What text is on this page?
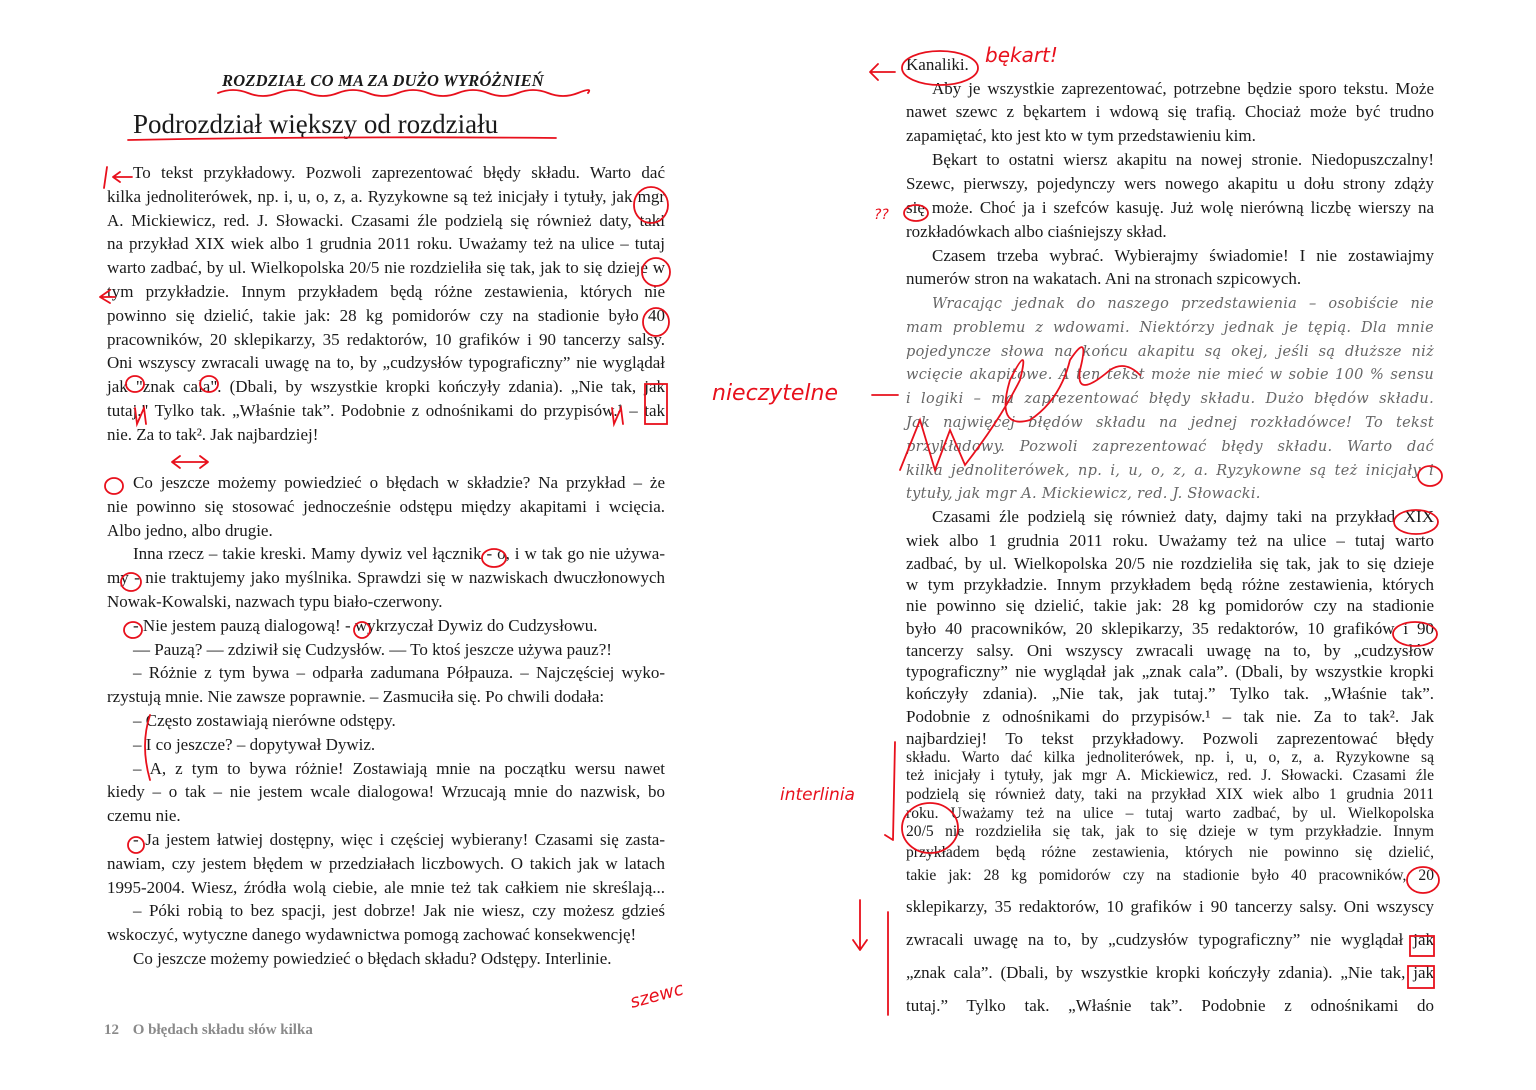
ROZDZIAŁ CO MA ZA DUŻO WYRÓŻNIEŃ
Podrozdział większy od rozdziału
To tekst przykładowy. Pozwoli zaprezentować błędy składu. Warto dać
kilka jednoliterówek, np. i, u, o, z, a. Ryzykowne są też inicjały i tytuły, jak mgr
A. Mickiewicz, red. J. Słowacki. Czasami źle podzielą się również daty, taki
na przykład XIX wiek albo 1 grudnia 2011 roku. Uważamy też na ulice – tutaj
warto zadbać, by ul. Wielkopolska 20/5 nie rozdzieliła się tak, jak to się dzieje w
tym przykładzie. Innym przykładem będą różne zestawienia, których nie
powinno się dzielić, takie jak: 28 kg pomidorów czy na stadionie było 40
pracowników, 20 sklepikarzy, 35 redaktorów, 10 grafików i 90 tancerzy salsy.
Oni wszyscy zwracali uwagę na to, by „cudzysłów typograficzny” nie wyglądał
jak "znak cala". (Dbali, by wszystkie kropki kończyły zdania). „Nie tak, jak
tutaj." Tylko tak. „Właśnie tak”. Podobnie z odnośnikami do przypisów.¹ – tak
nie. Za to tak². Jak najbardziej!
Co jeszcze możemy powiedzieć o błędach w składzie? Na przykład – że
nie powinno się stosować jednocześnie odstępu między akapitami i wcięcia.
Albo jedno, albo drugie.
Inna rzecz – takie kreski. Mamy dywiz vel łącznik - o, i w tak go nie używa-
my - nie traktujemy jako myślnika. Sprawdzi się w nazwiskach dwuczłonowych
Nowak-Kowalski, nazwach typu biało-czerwony.
- Nie jestem pauzą dialogową! - wykrzyczał Dywiz do Cudzysłowu.
— Pauzą? — zdziwił się Cudzysłów. — To ktoś jeszcze używa pauz?!
– Różnie z tym bywa – odparła zadumana Półpauza. – Najczęściej wyko-
rzystują mnie. Nie zawsze poprawnie. – Zasmuciła się. Po chwili dodała:
– Często zostawiają nierówne odstępy.
– I co jeszcze? – dopytywał Dywiz.
– A, z tym to bywa różnie! Zostawiają mnie na początku wersu nawet
kiedy – o tak – nie jestem wcale dialogowa! Wrzucają mnie do nazwisk, bo
czemu nie.
- Ja jestem łatwiej dostępny, więc i częściej wybierany! Czasami się zasta-
nawiam, czy jestem błędem w przedziałach liczbowych. O takich jak w latach
1995-2004. Wiesz, źródła wolą ciebie, ale mnie też tak całkiem nie skreślają...
– Póki robią to bez spacji, jest dobrze! Jak nie wiesz, czy możesz gdzieś
wskoczyć, wytyczne danego wydawnictwa pomogą zachować konsekwencję!
Co jeszcze możemy powiedzieć o błędach składu? Odstępy. Interlinie.
12 O błędach składu słów kilka
Kanaliki.
Aby je wszystkie zaprezentować, potrzebne będzie sporo tekstu. Może
nawet szewc z bękartem i wdową się trafią. Chociaż może być trudno
zapamiętać, kto jest kto w tym przedstawieniu kim.
Bękart to ostatni wiersz akapitu na nowej stronie. Niedopuszczalny!
Szewc, pierwszy, pojedynczy wers nowego akapitu u dołu strony zdąży
się może. Choć ja i szefców kasuję. Już wolę nierówną liczbę wierszy na
rozkładówkach albo ciaśniejszy skład.
Czasem trzeba wybrać. Wybierajmy świadomie! I nie zostawiajmy
numerów stron na wakatach. Ani na stronach szpicowych.
Wracając jednak do naszego przedstawienia – osobiście nie
mam problemu z wdowami. Niektórzy jednak je tępią. Dla mnie
pojedyncze słowa na końcu akapitu są okej, jeśli są dłuższe niż
wcięcie akapitowe. A ten tekst może nie mieć w sobie 100 % sensu
i logiki – ma zaprezentować błędy składu. Dużo błędów składu.
Jak najwięcej błędów składu na jednej rozkładówce! To tekst
przykładowy. Pozwoli zaprezentować błędy składu. Warto dać
kilka jednoliterówek, np. i, u, o, z, a. Ryzykowne są też inicjały i
tytuły, jak mgr A. Mickiewicz, red. J. Słowacki.
Czasami źle podzielą się również daty, dajmy taki na przykład XIX
wiek albo 1 grudnia 2011 roku. Uważamy też na ulice – tutaj warto
zadbać, by ul. Wielkopolska 20/5 nie rozdzieliła się tak, jak to się dzieje
w tym przykładzie. Innym przykładem będą różne zestawienia, których
nie powinno się dzielić, takie jak: 28 kg pomidorów czy na stadionie
było 40 pracowników, 20 sklepikarzy, 35 redaktorów, 10 grafików i 90
tancerzy salsy. Oni wszyscy zwracali uwagę na to, by „cudzysłów
typograficzny” nie wyglądał jak „znak cala”. (Dbali, by wszystkie kropki
kończyły zdania). „Nie tak, jak tutaj.” Tylko tak. „Właśnie tak”.
Podobnie z odnośnikami do przypisów.¹ – tak nie. Za to tak². Jak
najbardziej! To tekst przykładowy. Pozwoli zaprezentować błędy
składu. Warto dać kilka jednoliterówek, np. i, u, o, z, a. Ryzykowne są
też inicjały i tytuły, jak mgr A. Mickiewicz, red. J. Słowacki. Czasami źle
podzielą się również daty, taki na przykład XIX wiek albo 1 grudnia 2011
roku. Uważamy też na ulice – tutaj warto zadbać, by ul. Wielkopolska
20/5 nie rozdzieliła się tak, jak to się dzieje w tym przykładzie. Innym
przykładem będą różne zestawienia, których nie powinno się dzielić,
takie jak: 28 kg pomidorów czy na stadionie było 40 pracowników, 20
sklepikarzy, 35 redaktorów, 10 grafików i 90 tancerzy salsy. Oni wszyscy
zwracali uwagę na to, by „cudzysłów typograficzny” nie wyglądał jak
„znak cala”. (Dbali, by wszystkie kropki kończyły zdania). „Nie tak, jak
tutaj.” Tylko tak. „Właśnie tak”. Podobnie z odnośnikami do
bękart!
??
nieczytelne
interlinia
szewc
